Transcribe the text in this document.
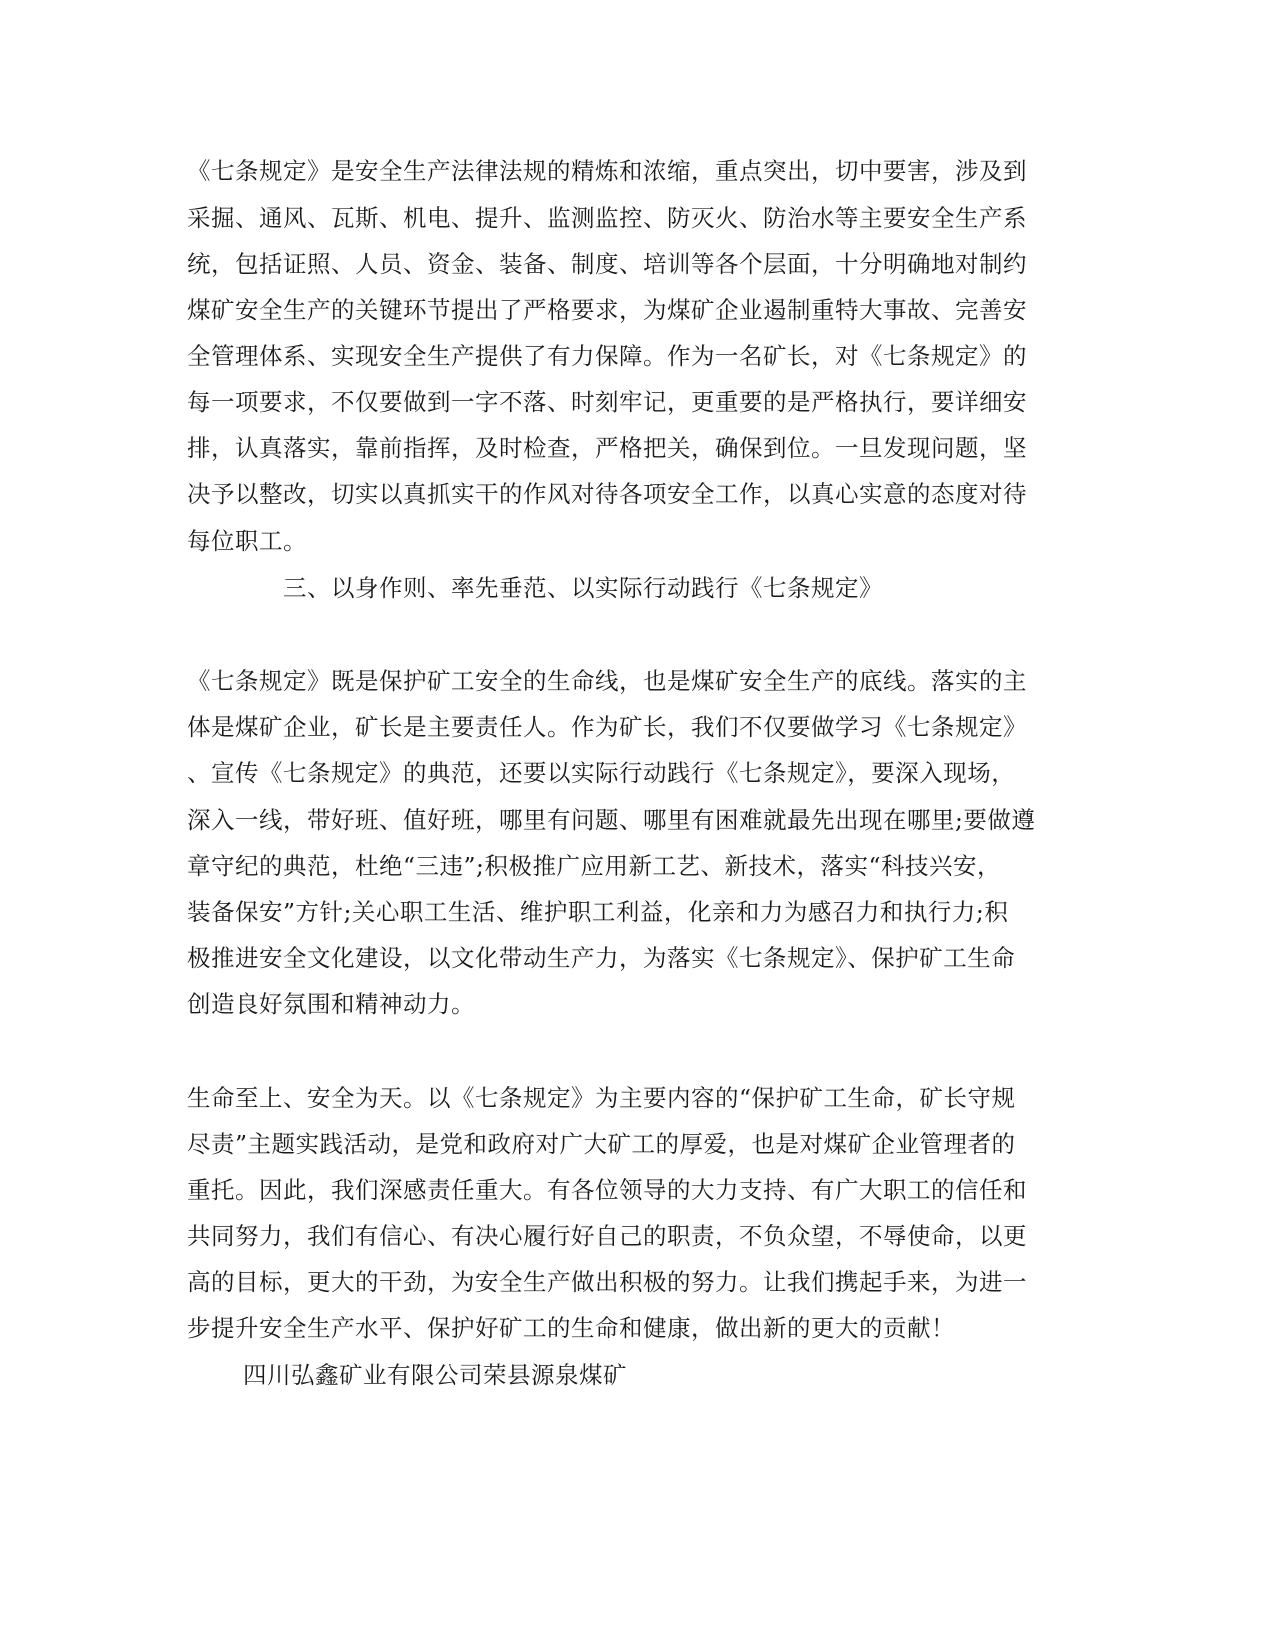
《七条规定》是安全生产法律法规的精炼和浓缩，重点突出，切中要害，涉及到
采掘、通风、瓦斯、机电、提升、监测监控、防灭火、防治水等主要安全生产系
统，包括证照、人员、资金、装备、制度、培训等各个层面，十分明确地对制约
煤矿安全生产的关键环节提出了严格要求，为煤矿企业遏制重特大事故、完善安
全管理体系、实现安全生产提供了有力保障。作为一名矿长，对《七条规定》的
每一项要求，不仅要做到一字不落、时刻牢记，更重要的是严格执行，要详细安
排，认真落实，靠前指挥，及时检查，严格把关，确保到位。一旦发现问题，坚
决予以整改，切实以真抓实干的作风对待各项安全工作，以真心实意的态度对待
每位职工。
三、以身作则、率先垂范、以实际行动践行《七条规定》
《七条规定》既是保护矿工安全的生命线，也是煤矿安全生产的底线。落实的主
体是煤矿企业，矿长是主要责任人。作为矿长，我们不仅要做学习《七条规定》
、宣传《七条规定》的典范，还要以实际行动践行《七条规定》，要深入现场，
深入一线，带好班、值好班，哪里有问题、哪里有困难就最先出现在哪里;要做遵
章守纪的典范，杜绝“三违”;积极推广应用新工艺、新技术，落实“科技兴安，
装备保安”方针;关心职工生活、维护职工利益，化亲和力为感召力和执行力;积
极推进安全文化建设，以文化带动生产力，为落实《七条规定》、保护矿工生命
创造良好氛围和精神动力。
生命至上、安全为天。以《七条规定》为主要内容的“保护矿工生命，矿长守规
尽责”主题实践活动，是党和政府对广大矿工的厚爱，也是对煤矿企业管理者的
重托。因此，我们深感责任重大。有各位领导的大力支持、有广大职工的信任和
共同努力，我们有信心、有决心履行好自己的职责，不负众望，不辱使命，以更
高的目标，更大的干劲，为安全生产做出积极的努力。让我们携起手来，为进一
步提升安全生产水平、保护好矿工的生命和健康，做出新的更大的贡献！
四川弘鑫矿业有限公司荣县源泉煤矿
